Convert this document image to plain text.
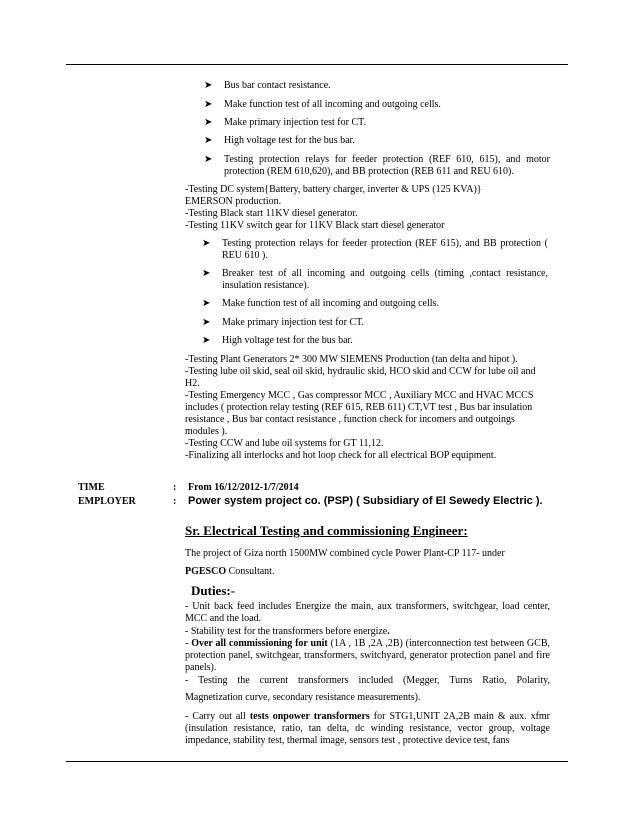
➤	Bus bar contact resistance.
➤	Make function test of all incoming and outgoing cells.
➤	Make primary injection test for CT.
➤	High voltage test for the bus bar.
➤	Testing protection relays for feeder protection (REF 610, 615), and motor protection (REM 610,620), and BB protection (REB 611 and REU 610).
-Testing DC system{Battery, battery charger, inverter & UPS (125 KVA)}
EMERSON production.
-Testing Black start 11KV diesel generator.
-Testing 11KV switch gear for 11KV Black start diesel generator
➤	Testing protection relays for feeder protection (REF 615), and BB protection ( REU 610 ).
➤	Breaker test of all incoming and outgoing cells (timing ,contact resistance, insulation resistance).
➤	Make function test of all incoming and outgoing cells.
➤	Make primary injection test for CT.
➤	High voltage test for the bus bar.
-Testing Plant Generators 2* 300 MW SIEMENS Production (tan delta and hipot ).
-Testing lube oil skid, seal oil skid, hydraulic skid, HCO skid and CCW for lube oil and H2.
-Testing Emergency MCC , Gas compressor MCC , Auxiliary MCC and HVAC MCCS includes ( protection relay testing (REF 615, REB 611) CT,VT test , Bus bar insulation resistance , Bus bar contact resistance , function check for incomers and outgoings modules ).
-Testing CCW and lube oil systems for GT 11,12.
-Finalizing all interlocks and hot loop check for all electrical BOP equipment.
TIME	: From 16/12/2012-1/7/2014
EMPLOYER	: Power system project co. (PSP) ( Subsidiary of El Sewedy Electric ).
Sr. Electrical Testing and commissioning Engineer:
The project of Giza north 1500MW combined cycle Power Plant-CP 117- under
PGESCO Consultant.
Duties:-
- Unit back feed includes Energize the main, aux transformers, switchgear, load center, MCC and the load.
- Stability test for the transformers before energize.
- Over all commissioning for unit (1A , 1B ,2A ,2B) (interconnection test between GCB, protection panel, switchgear, transformers, switchyard, generator protection panel and fire panels).
- Testing the current transformers included (Megger, Turns Ratio, Polarity,
Magnetization curve, secondary resistance measurements).
- Carry out all tests onpower transformers for STG1,UNIT 2A,2B main & aux. xfmr (insulation resistance, ratio, tan delta, dc winding resistance, vector group, voltage impedance, stability test, thermal image, sensors test , protective device test, fans
